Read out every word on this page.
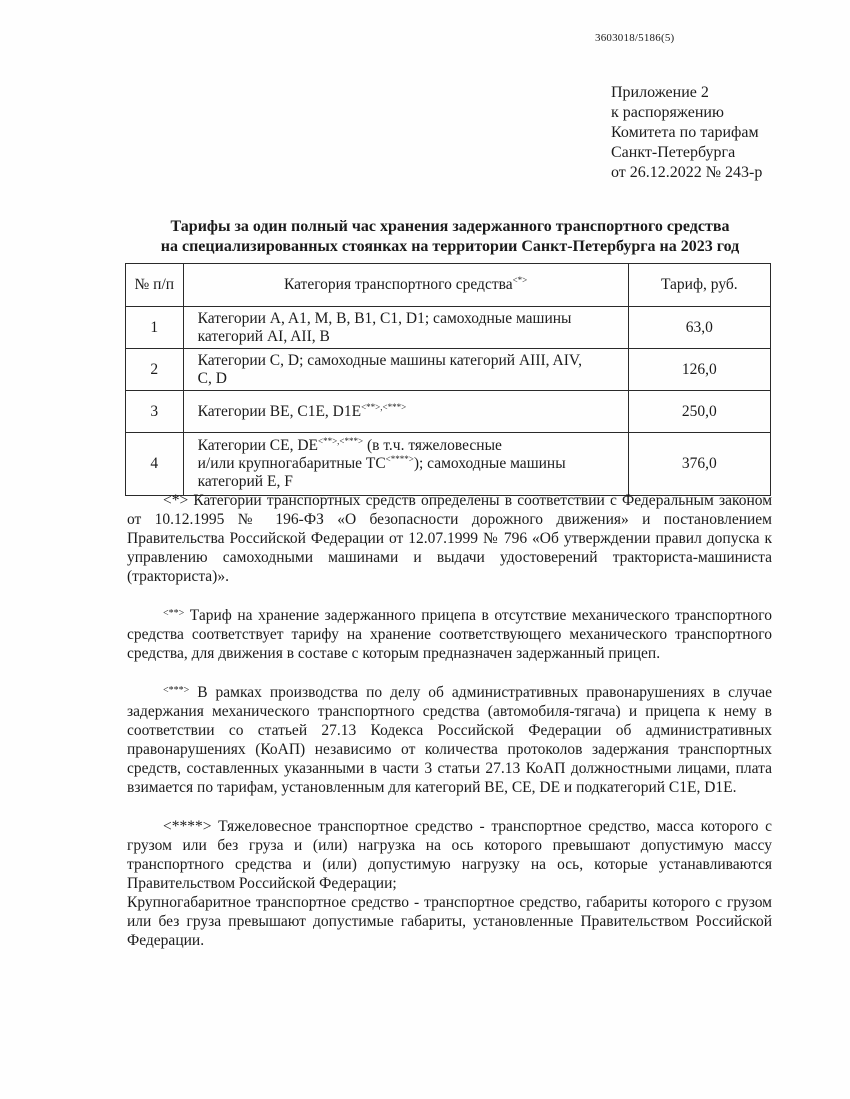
3603018/5186(5)
Приложение 2
к распоряжению
Комитета по тарифам
Санкт-Петербурга
от 26.12.2022 № 243-р
Тарифы за один полный час хранения задержанного транспортного средства
на специализированных стоянках на территории Санкт-Петербурга на 2023 год
№ п/п	Категория транспортного средства<*>	Тариф, руб.
1	Категории A, A1, M, B, B1, C1, D1; самоходные машины
категорий AI, AII, B	63,0
2	Категории C, D; самоходные машины категорий AIII, AIV,
C, D	126,0
3	Категории BE, C1E, D1E<**>,<***>	250,0
4	Категории CE, DE<**>,<***> (в т.ч. тяжеловесные
и/или крупногабаритные ТС<****>); самоходные машины
категорий E, F	376,0

<*> Категории транспортных средств определены в соответствии с Федеральным законом от 10.12.1995 № 196-ФЗ «О безопасности дорожного движения» и постановлением Правительства Российской Федерации от 12.07.1999 № 796 «Об утверждении правил допуска к управлению самоходными машинами и выдачи удостоверений тракториста-машиниста (тракториста)».

<**> Тариф на хранение задержанного прицепа в отсутствие механического транспортного средства соответствует тарифу на хранение соответствующего механического транспортного средства, для движения в составе с которым предназначен задержанный прицеп.

<***> В рамках производства по делу об административных правонарушениях в случае задержания механического транспортного средства (автомобиля-тягача) и прицепа к нему в соответствии со статьей 27.13 Кодекса Российской Федерации об административных правонарушениях (КоАП) независимо от количества протоколов задержания транспортных средств, составленных указанными в части 3 статьи 27.13 КоАП должностными лицами, плата взимается по тарифам, установленным для категорий BE, CE, DE и подкатегорий C1E, D1E.

<****> Тяжеловесное транспортное средство - транспортное средство, масса которого с грузом или без груза и (или) нагрузка на ось которого превышают допустимую массу транспортного средства и (или) допустимую нагрузку на ось, которые устанавливаются Правительством Российской Федерации;

Крупногабаритное транспортное средство - транспортное средство, габариты которого с грузом или без груза превышают допустимые габариты, установленные Правительством Российской Федерации.
